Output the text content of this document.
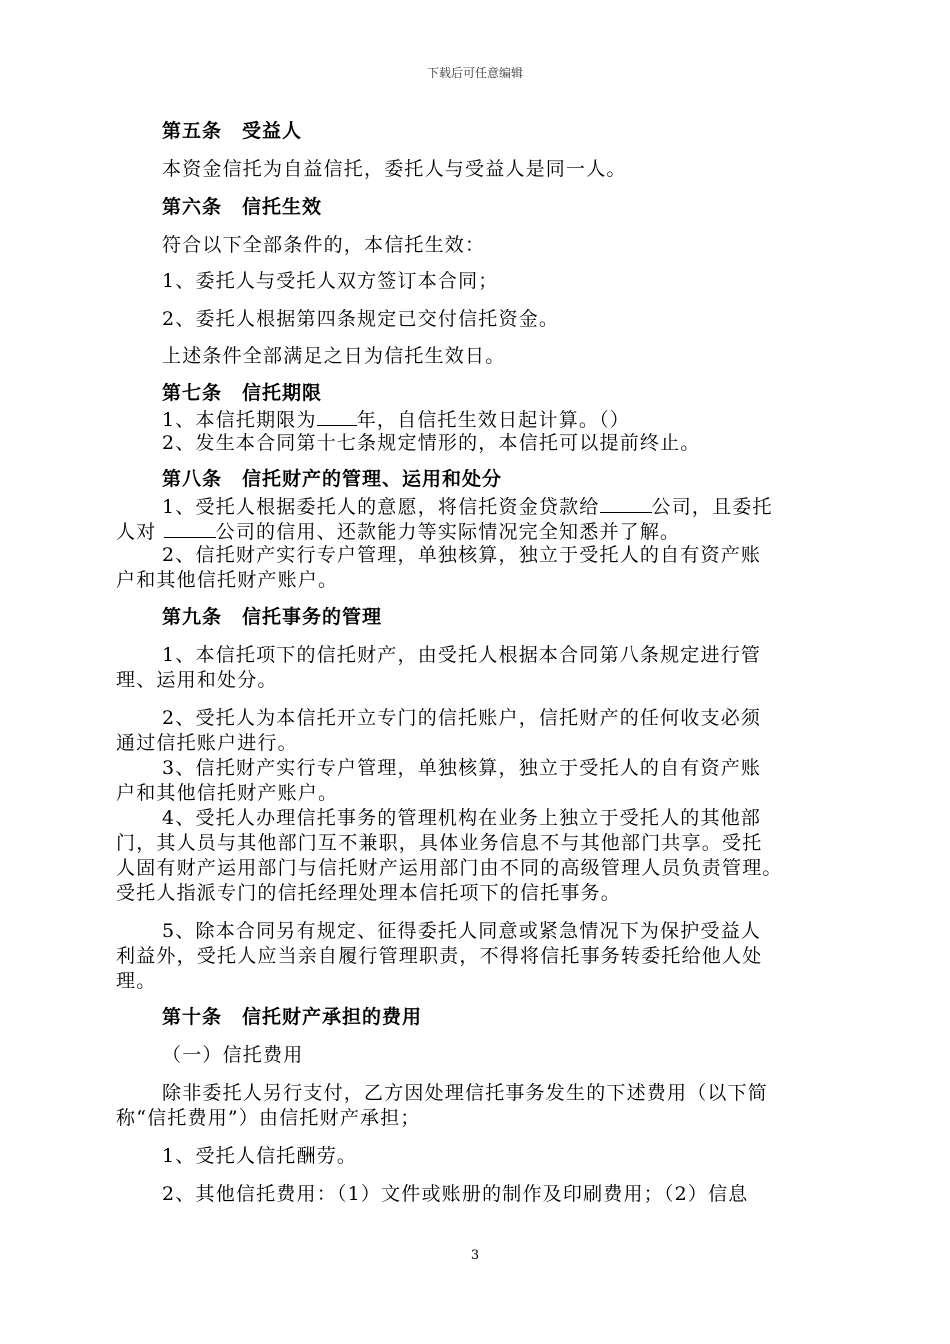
下载后可任意编辑
第五条　受益人
本资金信托为自益信托，委托人与受益人是同一人。
第六条　信托生效
符合以下全部条件的，本信托生效：
1、委托人与受托人双方签订本合同；
2、委托人根据第四条规定已交付信托资金。
上述条件全部满足之日为信托生效日。
第七条　信托期限
1、本信托期限为 年，自信托生效日起计算。（）
2、发生本合同第十七条规定情形的，本信托可以提前终止。
第八条　信托财产的管理、运用和处分
1、受托人根据委托人的意愿，将信托资金贷款给	公司，且委托
人对	公司的信用、还款能力等实际情况完全知悉并了解。
2、信托财产实行专户管理，单独核算，独立于受托人的自有资产账
户和其他信托财产账户。
第九条　信托事务的管理
1、本信托项下的信托财产，由受托人根据本合同第八条规定进行管
理、运用和处分。
2、受托人为本信托开立专门的信托账户，信托财产的任何收支必须
通过信托账户进行。
3、信托财产实行专户管理，单独核算，独立于受托人的自有资产账
户和其他信托财产账户。
4、受托人办理信托事务的管理机构在业务上独立于受托人的其他部
门，其人员与其他部门互不兼职，具体业务信息不与其他部门共享。受托
人固有财产运用部门与信托财产运用部门由不同的高级管理人员负责管理。
受托人指派专门的信托经理处理本信托项下的信托事务。
5、除本合同另有规定、征得委托人同意或紧急情况下为保护受益人
利益外，受托人应当亲自履行管理职责，不得将信托事务转委托给他人处
理。
第十条　信托财产承担的费用
（一）信托费用
除非委托人另行支付，乙方因处理信托事务发生的下述费用（以下简
称“信托费用”）由信托财产承担；
1、受托人信托酬劳。
2、其他信托费用：（1）文件或账册的制作及印刷费用；（2）信息
3
